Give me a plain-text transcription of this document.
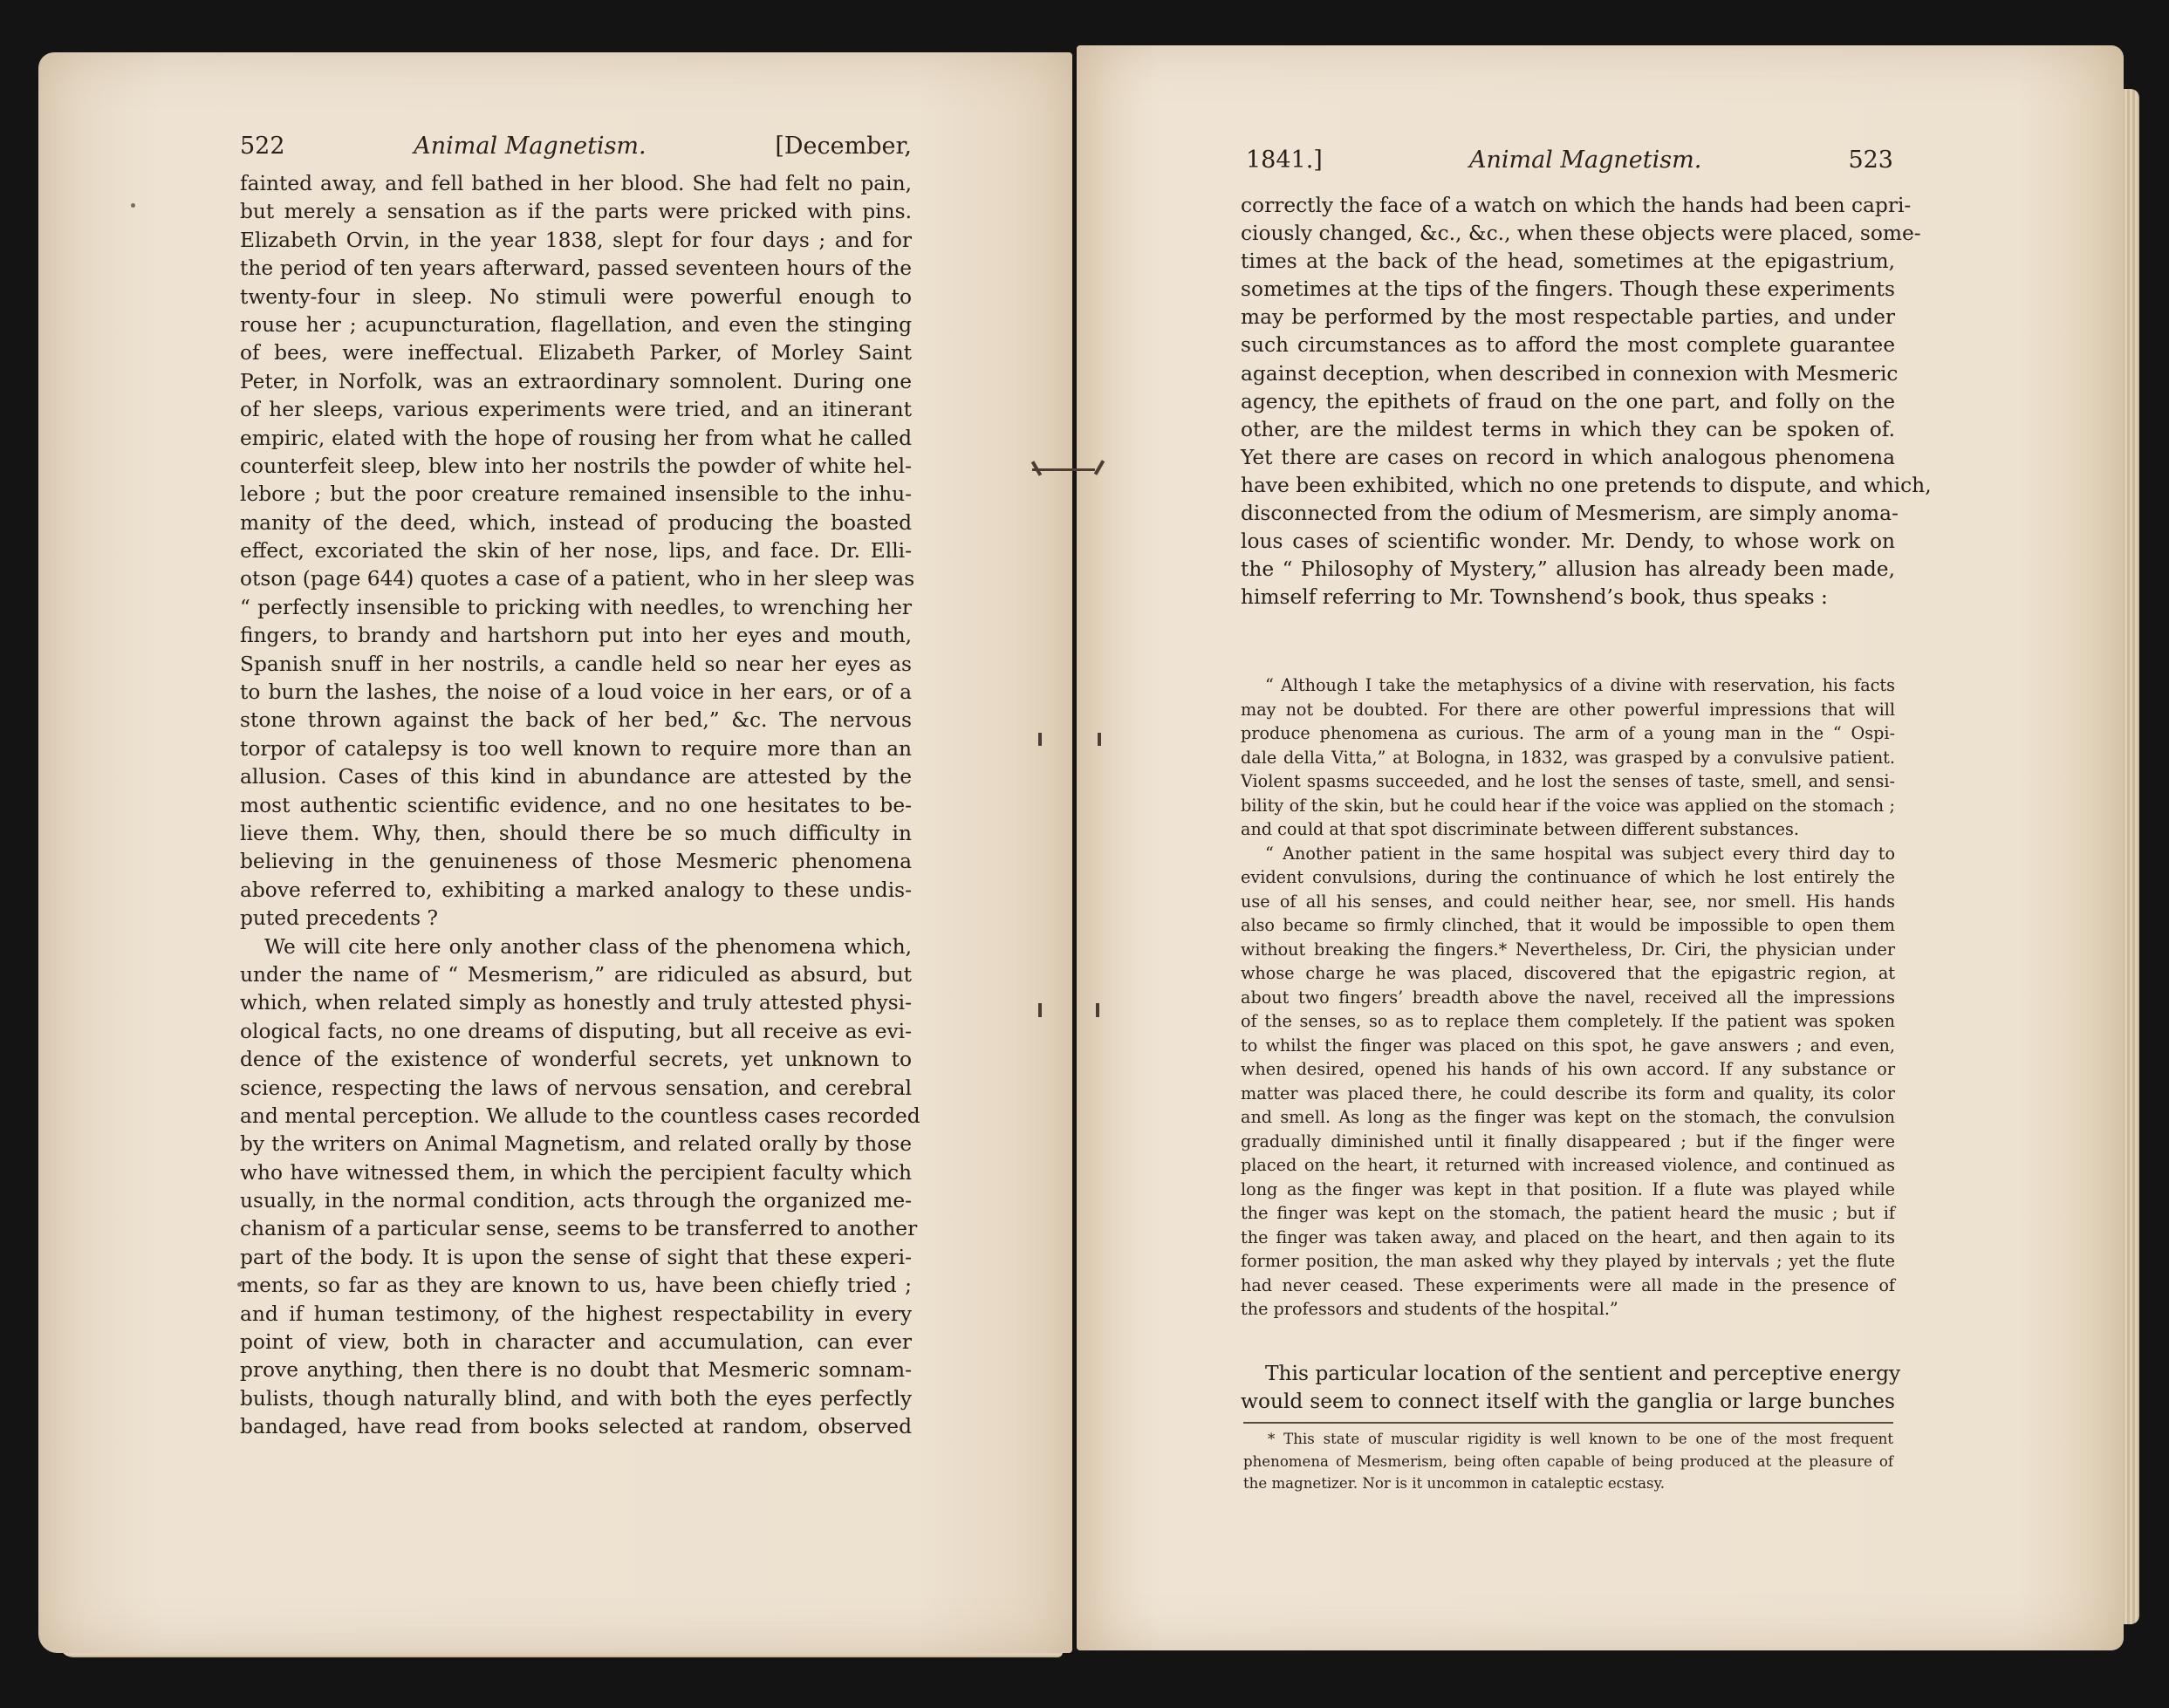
522	Animal Magnetism.	[December,
fainted away, and fell bathed in her blood. She had felt no pain,
but merely a sensation as if the parts were pricked with pins.
Elizabeth Orvin, in the year 1838, slept for four days ; and for
the period of ten years afterward, passed seventeen hours of the
twenty-four in sleep. No stimuli were powerful enough to
rouse her ; acupuncturation, flagellation, and even the stinging
of bees, were ineffectual. Elizabeth Parker, of Morley Saint
Peter, in Norfolk, was an extraordinary somnolent. During one
of her sleeps, various experiments were tried, and an itinerant
empiric, elated with the hope of rousing her from what he called
counterfeit sleep, blew into her nostrils the powder of white hel-
lebore ; but the poor creature remained insensible to the inhu-
manity of the deed, which, instead of producing the boasted
effect, excoriated the skin of her nose, lips, and face. Dr. Elli-
otson (page 644) quotes a case of a patient, who in her sleep was
“ perfectly insensible to pricking with needles, to wrenching her
fingers, to brandy and hartshorn put into her eyes and mouth,
Spanish snuff in her nostrils, a candle held so near her eyes as
to burn the lashes, the noise of a loud voice in her ears, or of a
stone thrown against the back of her bed,” &c. The nervous
torpor of catalepsy is too well known to require more than an
allusion. Cases of this kind in abundance are attested by the
most authentic scientific evidence, and no one hesitates to be-
lieve them. Why, then, should there be so much difficulty in
believing in the genuineness of those Mesmeric phenomena
above referred to, exhibiting a marked analogy to these undis-
puted precedents ?
We will cite here only another class of the phenomena which,
under the name of “ Mesmerism,” are ridiculed as absurd, but
which, when related simply as honestly and truly attested physi-
ological facts, no one dreams of disputing, but all receive as evi-
dence of the existence of wonderful secrets, yet unknown to
science, respecting the laws of nervous sensation, and cerebral
and mental perception. We allude to the countless cases recorded
by the writers on Animal Magnetism, and related orally by those
who have witnessed them, in which the percipient faculty which
usually, in the normal condition, acts through the organized me-
chanism of a particular sense, seems to be transferred to another
part of the body. It is upon the sense of sight that these experi-
ments, so far as they are known to us, have been chiefly tried ;
and if human testimony, of the highest respectability in every
point of view, both in character and accumulation, can ever
prove anything, then there is no doubt that Mesmeric somnam-
bulists, though naturally blind, and with both the eyes perfectly
bandaged, have read from books selected at random, observed
1841.]	Animal Magnetism.	523
correctly the face of a watch on which the hands had been capri-
ciously changed, &c., &c., when these objects were placed, some-
times at the back of the head, sometimes at the epigastrium,
sometimes at the tips of the fingers. Though these experiments
may be performed by the most respectable parties, and under
such circumstances as to afford the most complete guarantee
against deception, when described in connexion with Mesmeric
agency, the epithets of fraud on the one part, and folly on the
other, are the mildest terms in which they can be spoken of.
Yet there are cases on record in which analogous phenomena
have been exhibited, which no one pretends to dispute, and which,
disconnected from the odium of Mesmerism, are simply anoma-
lous cases of scientific wonder. Mr. Dendy, to whose work on
the “ Philosophy of Mystery,” allusion has already been made,
himself referring to Mr. Townshend’s book, thus speaks :
“ Although I take the metaphysics of a divine with reservation, his facts
may not be doubted. For there are other powerful impressions that will
produce phenomena as curious. The arm of a young man in the “ Ospi-
dale della Vitta,” at Bologna, in 1832, was grasped by a convulsive patient.
Violent spasms succeeded, and he lost the senses of taste, smell, and sensi-
bility of the skin, but he could hear if the voice was applied on the stomach ;
and could at that spot discriminate between different substances.
“ Another patient in the same hospital was subject every third day to
evident convulsions, during the continuance of which he lost entirely the
use of all his senses, and could neither hear, see, nor smell. His hands
also became so firmly clinched, that it would be impossible to open them
without breaking the fingers.* Nevertheless, Dr. Ciri, the physician under
whose charge he was placed, discovered that the epigastric region, at
about two fingers’ breadth above the navel, received all the impressions
of the senses, so as to replace them completely. If the patient was spoken
to whilst the finger was placed on this spot, he gave answers ; and even,
when desired, opened his hands of his own accord. If any substance or
matter was placed there, he could describe its form and quality, its color
and smell. As long as the finger was kept on the stomach, the convulsion
gradually diminished until it finally disappeared ; but if the finger were
placed on the heart, it returned with increased violence, and continued as
long as the finger was kept in that position. If a flute was played while
the finger was kept on the stomach, the patient heard the music ; but if
the finger was taken away, and placed on the heart, and then again to its
former position, the man asked why they played by intervals ; yet the flute
had never ceased. These experiments were all made in the presence of
the professors and students of the hospital.”
This particular location of the sentient and perceptive energy
would seem to connect itself with the ganglia or large bunches
* This state of muscular rigidity is well known to be one of the most frequent
phenomena of Mesmerism, being often capable of being produced at the pleasure of
the magnetizer. Nor is it uncommon in cataleptic ecstasy.
